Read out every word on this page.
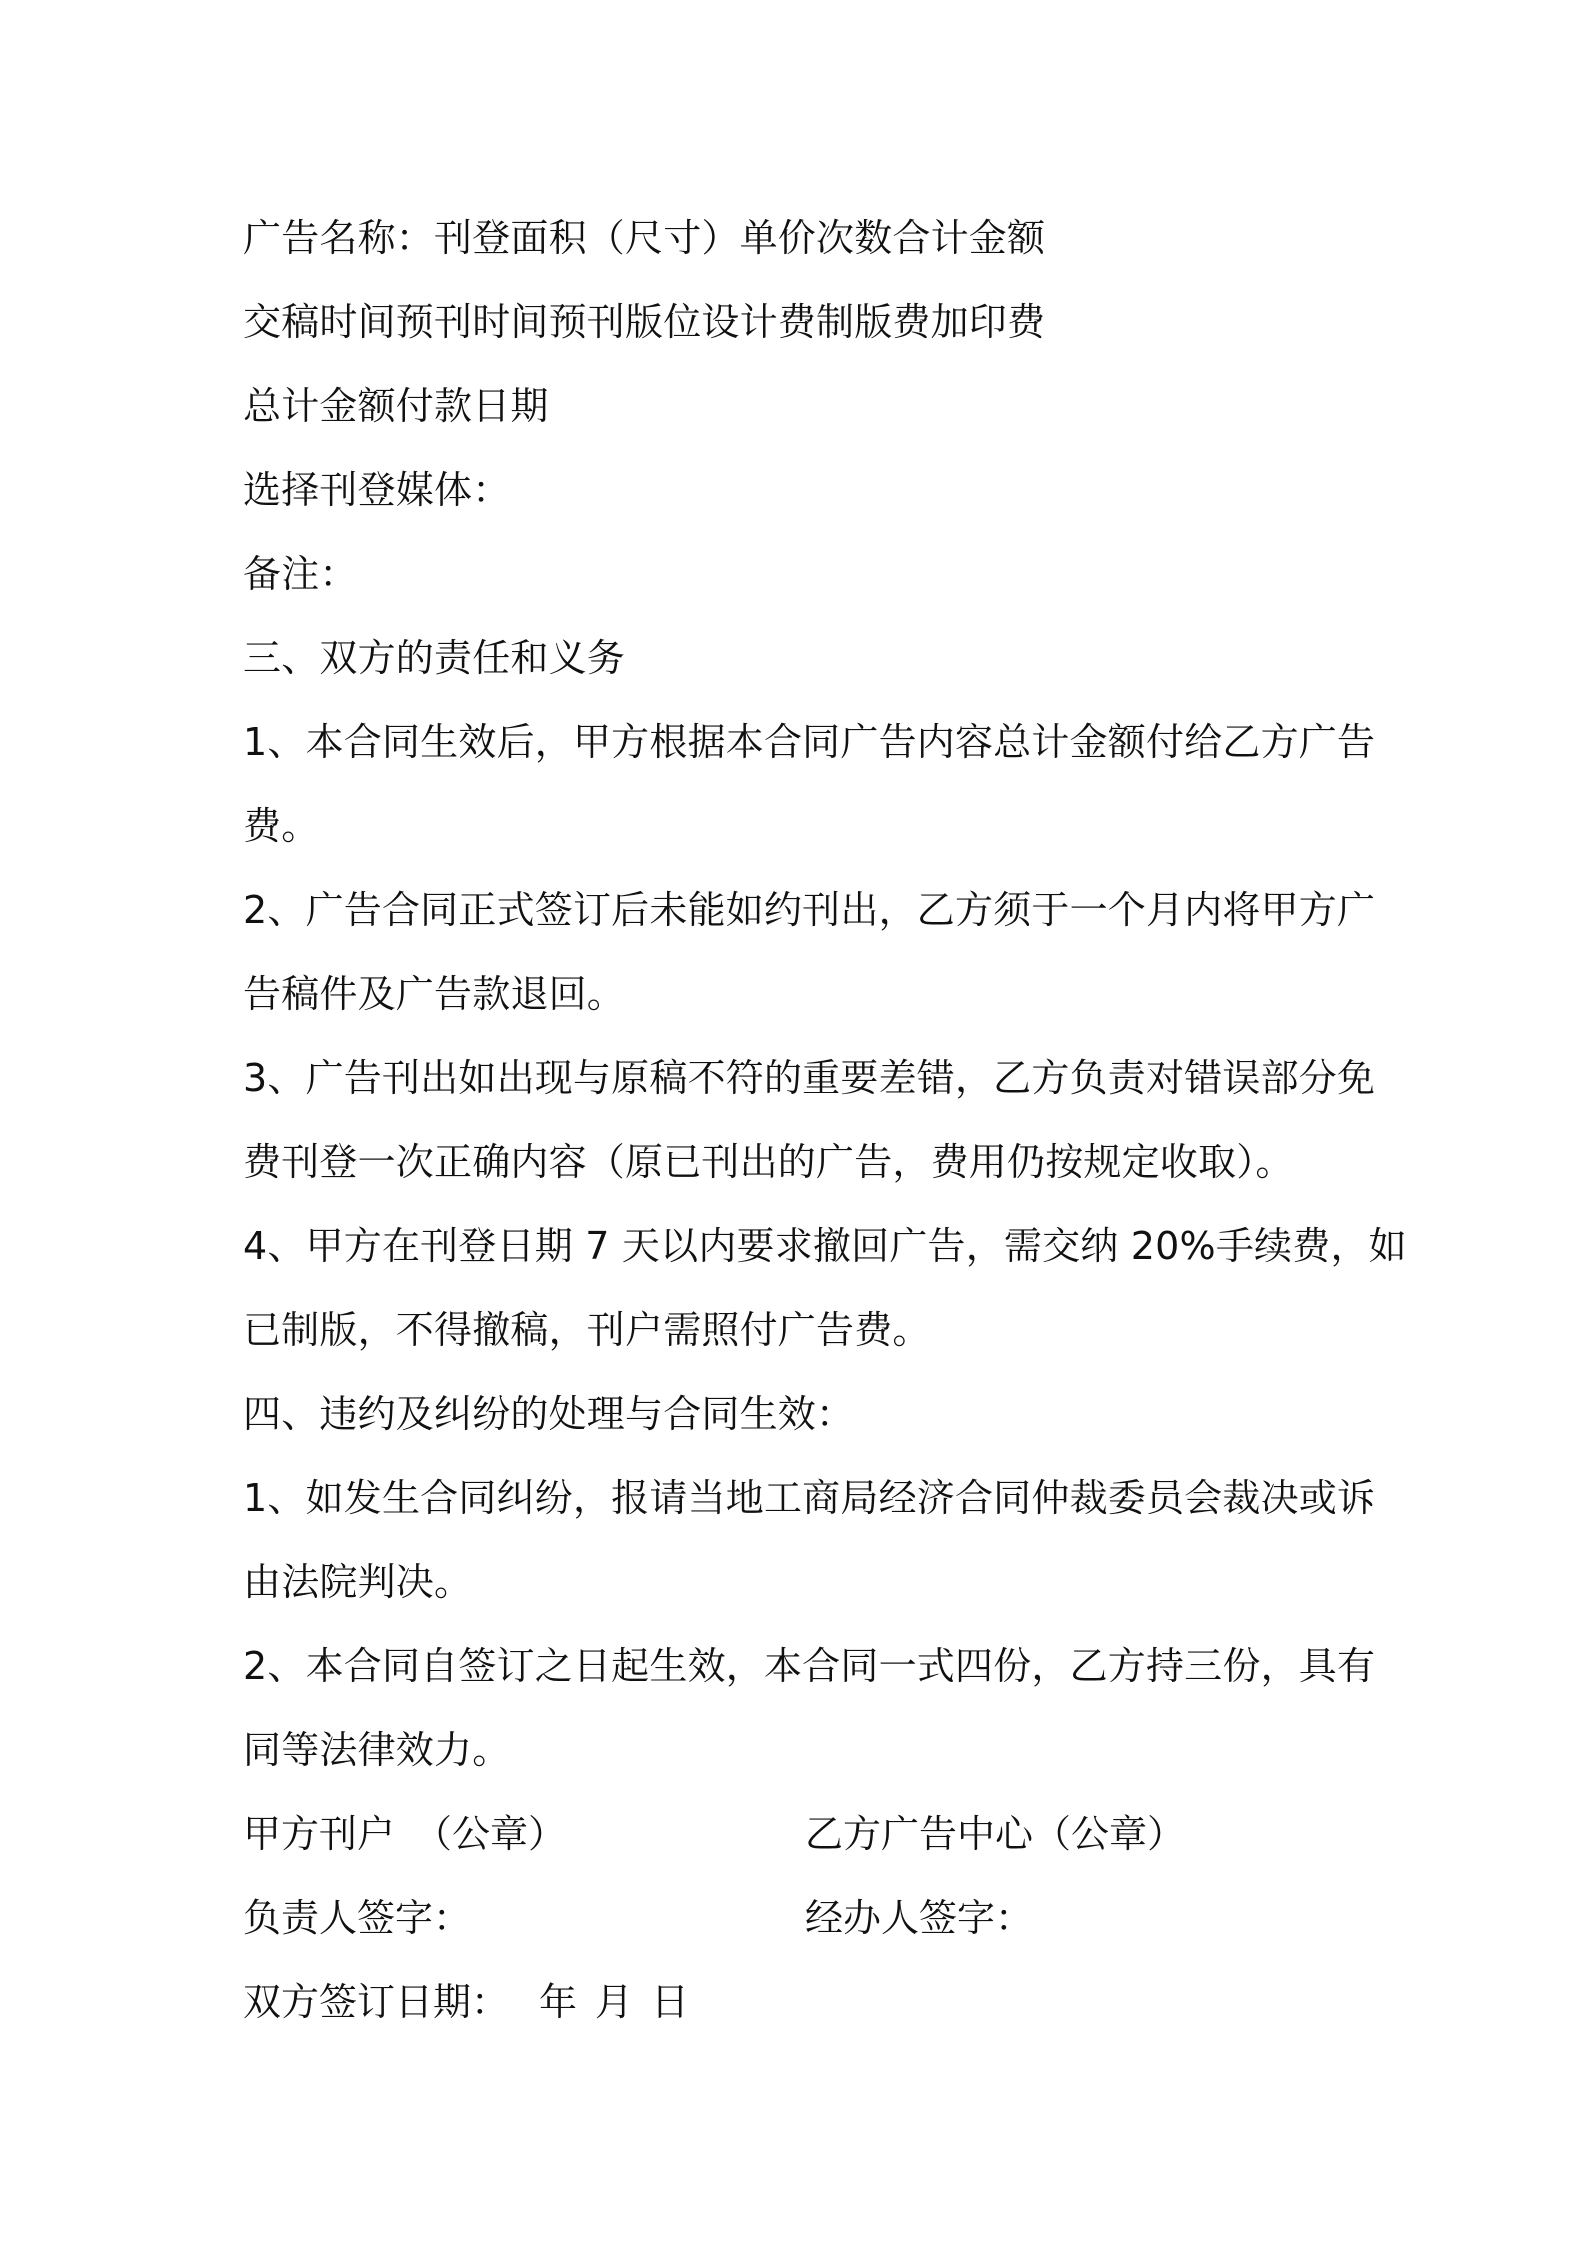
广告名称：刊登面积（尺寸）单价次数合计金额
交稿时间预刊时间预刊版位设计费制版费加印费
总计金额付款日期
选择刊登媒体：
备注：
三、双方的责任和义务
1、本合同生效后，甲方根据本合同广告内容总计金额付给乙方广告
费。
2、广告合同正式签订后未能如约刊出，乙方须于一个月内将甲方广
告稿件及广告款退回。
3、广告刊出如出现与原稿不符的重要差错，乙方负责对错误部分免
费刊登一次正确内容（原已刊出的广告，费用仍按规定收取）。
4、甲方在刊登日期 7 天以内要求撤回广告，需交纳 20%手续费，如
已制版，不得撤稿，刊户需照付广告费。
四、违约及纠纷的处理与合同生效：
1、如发生合同纠纷，报请当地工商局经济合同仲裁委员会裁决或诉
由法院判决。
2、本合同自签订之日起生效，本合同一式四份，乙方持三份，具有
同等法律效力。
甲方刊户　（公章）	乙方广告中心（公章）
负责人签字：	经办人签字：
双方签订日期： 年 月 日
